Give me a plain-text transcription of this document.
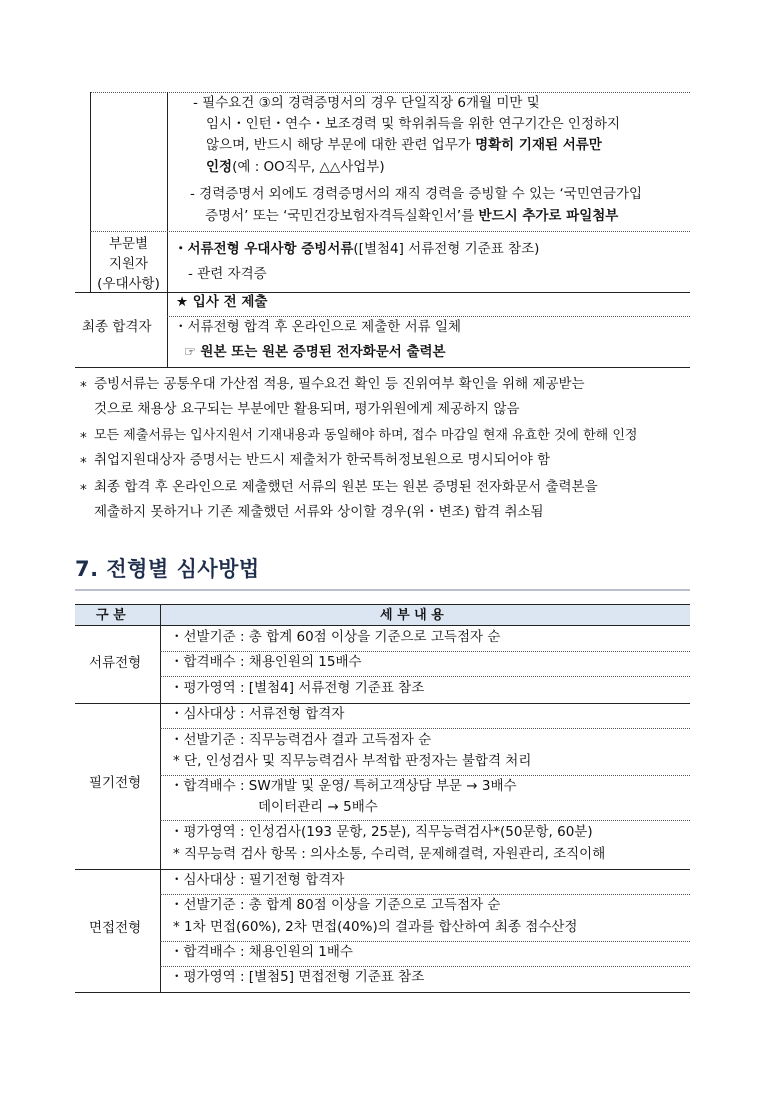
- 필수요건 ③의 경력증명서의 경우 단일직장 6개월 미만 및
임시・인턴・연수・보조경력 및 학위취득을 위한 연구기간은 인정하지
않으며, 반드시 해당 부문에 대한 관련 업무가 명확히 기재된 서류만
인정(예 : OO직무, △△사업부)
- 경력증명서 외에도 경력증명서의 재직 경력을 증빙할 수 있는 ‘국민연금가입
증명서’ 또는 ‘국민건강보험자격득실확인서’를 반드시 추가로 파일첨부
부문별
지원자
(우대사항)
・서류전형 우대사항 증빙서류([별첨4] 서류전형 기준표 참조)
- 관련 자격증
최종 합격자
★ 입사 전 제출
・서류전형 합격 후 온라인으로 제출한 서류 일체
☞ 원본 또는 원본 증명된 전자화문서 출력본
* 증빙서류는 공통우대 가산점 적용, 필수요건 확인 등 진위여부 확인을 위해 제공받는
것으로 채용상 요구되는 부분에만 활용되며, 평가위원에게 제공하지 않음
* 모든 제출서류는 입사지원서 기재내용과 동일해야 하며, 접수 마감일 현재 유효한 것에 한해 인정
* 취업지원대상자 증명서는 반드시 제출처가 한국특허정보원으로 명시되어야 함
* 최종 합격 후 온라인으로 제출했던 서류의 원본 또는 원본 증명된 전자화문서 출력본을
제출하지 못하거나 기존 제출했던 서류와 상이할 경우(위・변조) 합격 취소됨
7. 전형별 심사방법
구 분	세 부 내 용
서류전형
・선발기준 : 총 합계 60점 이상을 기준으로 고득점자 순
・합격배수 : 채용인원의 15배수
・평가영역 : [별첨4] 서류전형 기준표 참조
필기전형
・심사대상 : 서류전형 합격자
・선발기준 : 직무능력검사 결과 고득점자 순
* 단, 인성검사 및 직무능력검사 부적합 판정자는 불합격 처리
・합격배수 : SW개발 및 운영/ 특허고객상담 부문 → 3배수
데이터관리 → 5배수
・평가영역 : 인성검사(193 문항, 25분), 직무능력검사*(50문항, 60분)
* 직무능력 검사 항목 : 의사소통, 수리력, 문제해결력, 자원관리, 조직이해
면접전형
・심사대상 : 필기전형 합격자
・선발기준 : 총 합계 80점 이상을 기준으로 고득점자 순
* 1차 면접(60%), 2차 면접(40%)의 결과를 합산하여 최종 점수산정
・합격배수 : 채용인원의 1배수
・평가영역 : [별첨5] 면접전형 기준표 참조
